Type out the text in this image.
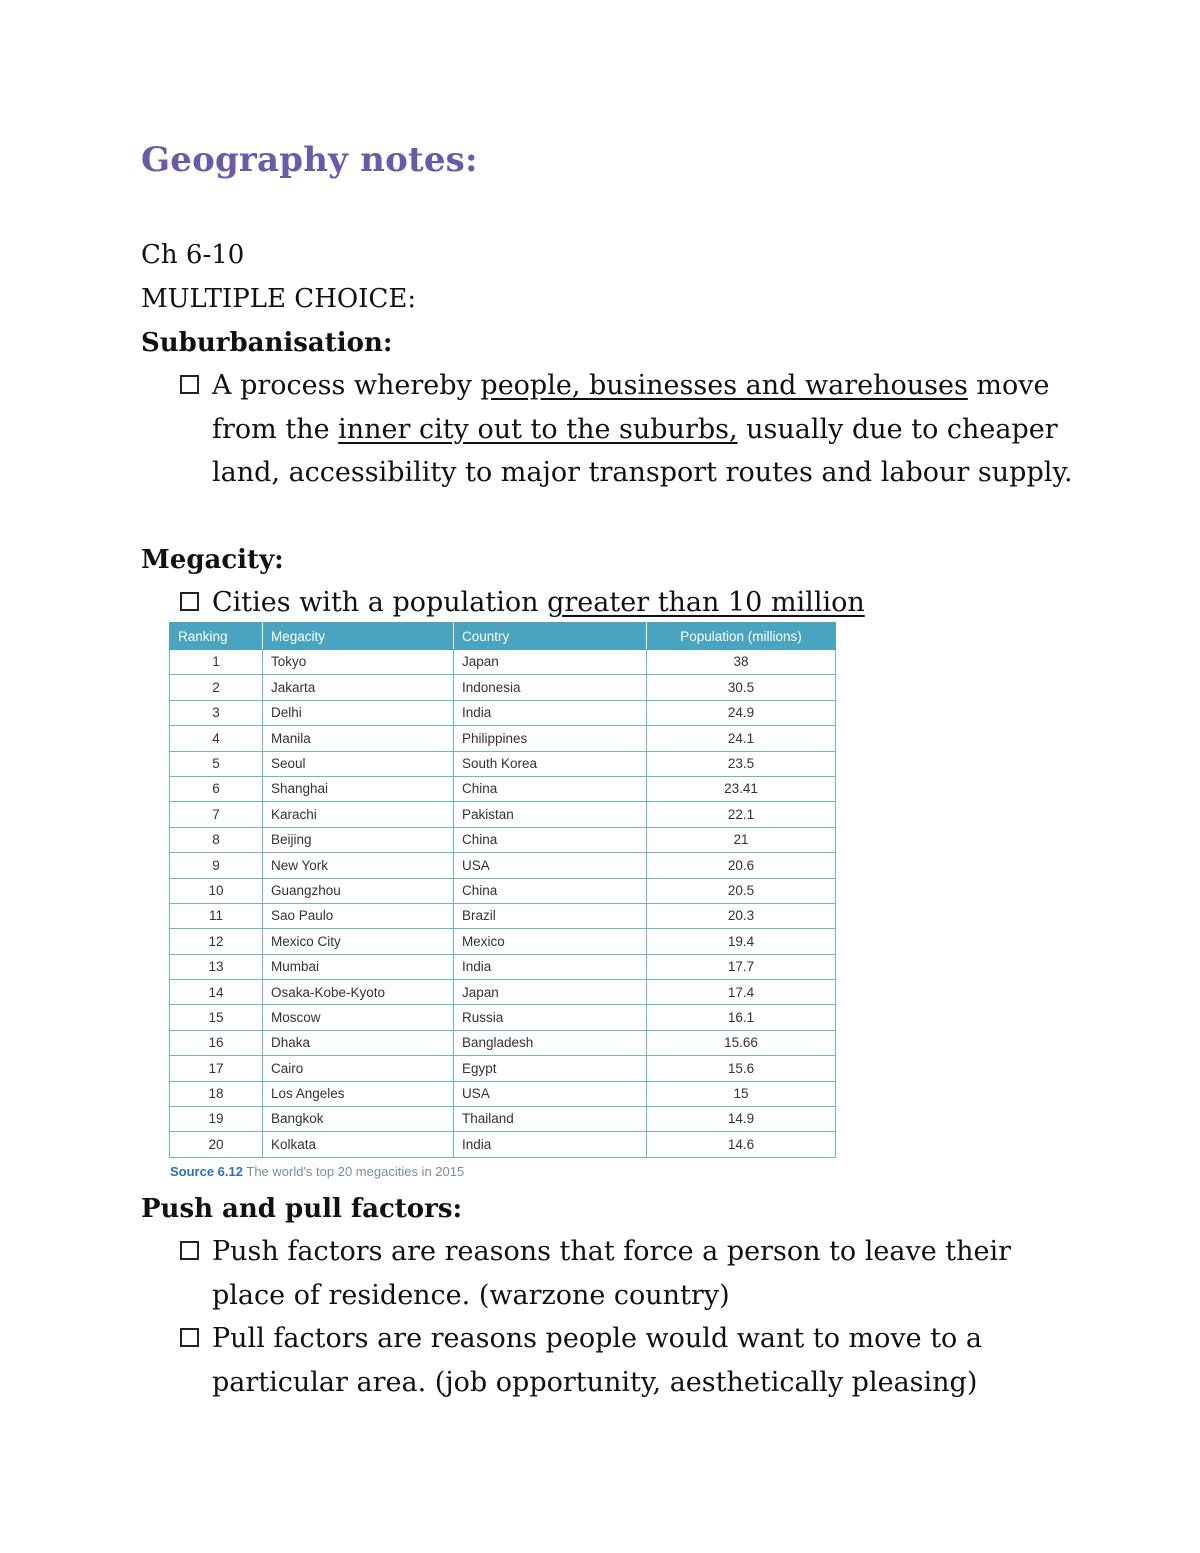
Geography notes:

Ch 6-10

MULTIPLE CHOICE:

Suburbanisation:

A process whereby people, businesses and warehouses move from the inner city out to the suburbs, usually due to cheaper land, accessibility to major transport routes and labour supply.

Megacity:

Cities with a population greater than 10 million
Ranking	Megacity	Country	Population (millions)
1	Tokyo	Japan	38
2	Jakarta	Indonesia	30.5
3	Delhi	India	24.9
4	Manila	Philippines	24.1
5	Seoul	South Korea	23.5
6	Shanghai	China	23.41
7	Karachi	Pakistan	22.1
8	Beijing	China	21
9	New York	USA	20.6
10	Guangzhou	China	20.5
11	Sao Paulo	Brazil	20.3
12	Mexico City	Mexico	19.4
13	Mumbai	India	17.7
14	Osaka-Kobe-Kyoto	Japan	17.4
15	Moscow	Russia	16.1
16	Dhaka	Bangladesh	15.66
17	Cairo	Egypt	15.6
18	Los Angeles	USA	15
19	Bangkok	Thailand	14.9
20	Kolkata	India	14.6
Source 6.12 The world's top 20 megacities in 2015

Push and pull factors:

Push factors are reasons that force a person to leave their place of residence. (warzone country)
Pull factors are reasons people would want to move to a particular area. (job opportunity, aesthetically pleasing)
